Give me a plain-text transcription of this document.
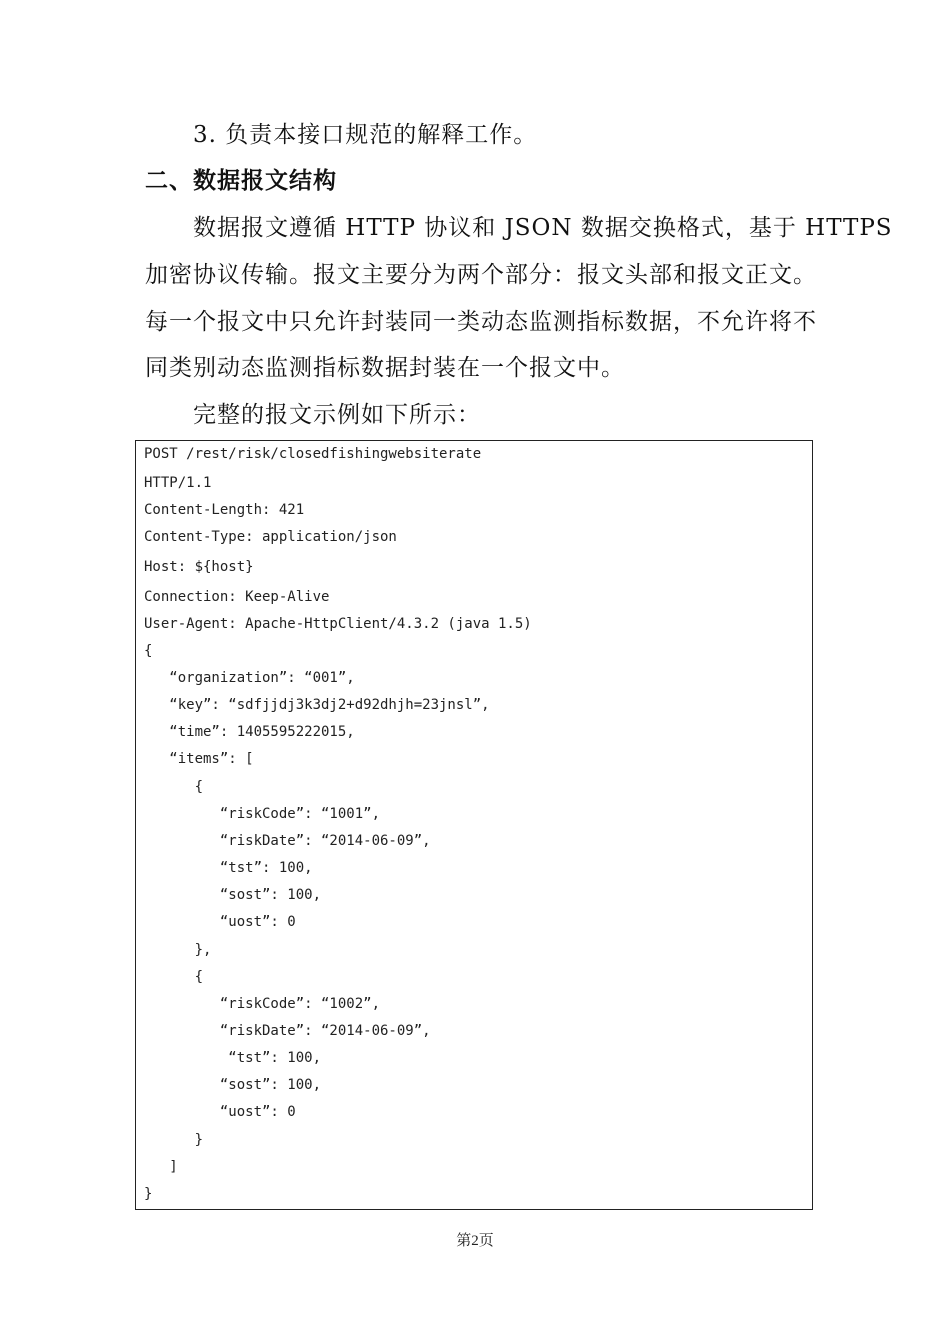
3. 负责本接口规范的解释工作。
二、数据报文结构
数据报文遵循 HTTP 协议和 JSON 数据交换格式，基于 HTTPS
加密协议传输。报文主要分为两个部分：报文头部和报文正文。
每一个报文中只允许封装同一类动态监测指标数据，不允许将不
同类别动态监测指标数据封装在一个报文中。
完整的报文示例如下所示：
POST /rest/risk/closedfishingwebsiterate
HTTP/1.1
Content-Length: 421
Content-Type: application/json
Host: ${host}
Connection: Keep-Alive
User-Agent: Apache-HttpClient/4.3.2 (java 1.5)
{
“organization”: “001”,
“key”: “sdfjjdj3k3dj2+d92dhjh=23jnsl”,
“time”: 1405595222015,
“items”: [
{
“riskCode”: “1001”,
“riskDate”: “2014-06-09”,
“tst”: 100,
“sost”: 100,
“uost”: 0
},
{
“riskCode”: “1002”,
“riskDate”: “2014-06-09”,
“tst”: 100,
“sost”: 100,
“uost”: 0
}
]
}
第2页
